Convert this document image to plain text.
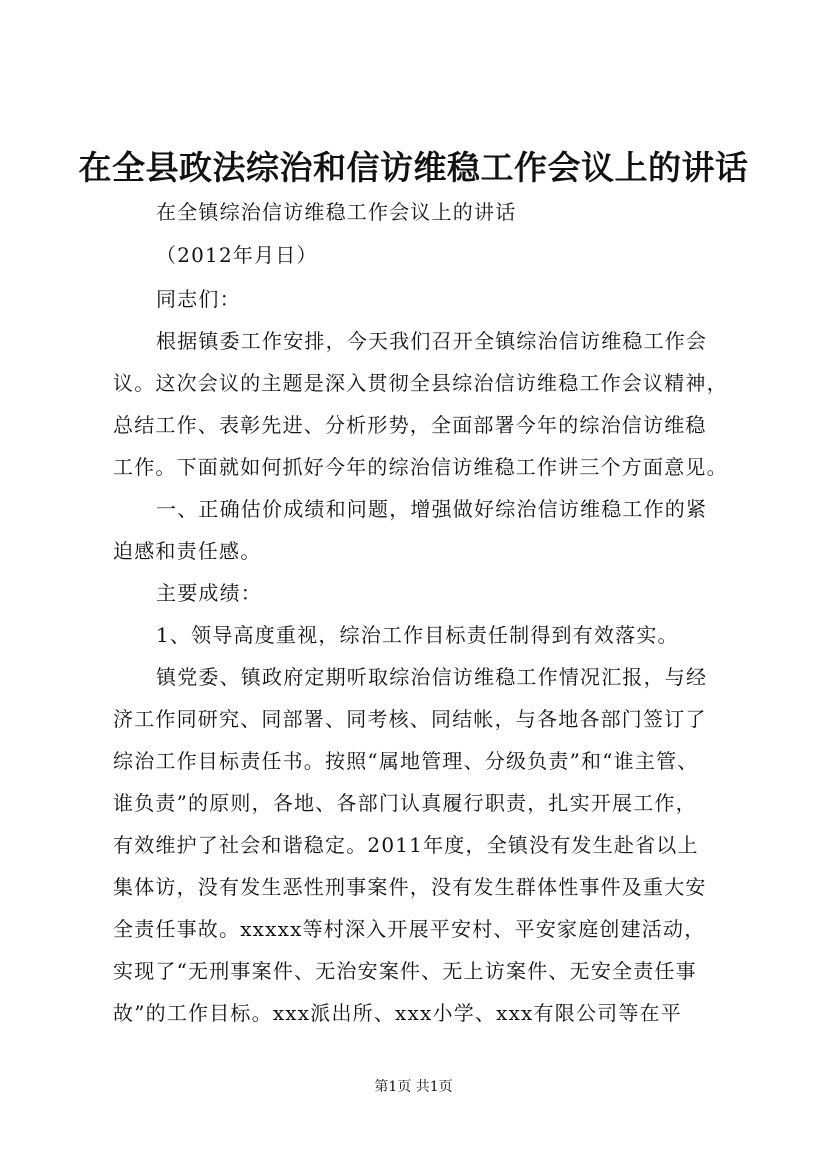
在全县政法综治和信访维稳工作会议上的讲话
在全镇综治信访维稳工作会议上的讲话
（2012年月日）
同志们：
根据镇委工作安排，今天我们召开全镇综治信访维稳工作会
议。这次会议的主题是深入贯彻全县综治信访维稳工作会议精神，
总结工作、表彰先进、分析形势，全面部署今年的综治信访维稳
工作。下面就如何抓好今年的综治信访维稳工作讲三个方面意见。
一、正确估价成绩和问题，增强做好综治信访维稳工作的紧
迫感和责任感。
主要成绩：
1、领导高度重视，综治工作目标责任制得到有效落实。
镇党委、镇政府定期听取综治信访维稳工作情况汇报，与经
济工作同研究、同部署、同考核、同结帐，与各地各部门签订了
综治工作目标责任书。按照“属地管理、分级负责”和“谁主管、
谁负责”的原则，各地、各部门认真履行职责，扎实开展工作，
有效维护了社会和谐稳定。2011年度，全镇没有发生赴省以上
集体访，没有发生恶性刑事案件，没有发生群体性事件及重大安
全责任事故。xxxxx等村深入开展平安村、平安家庭创建活动，
实现了“无刑事案件、无治安案件、无上访案件、无安全责任事
故”的工作目标。xxx派出所、xxx小学、xxx有限公司等在平
第1页 共1页
